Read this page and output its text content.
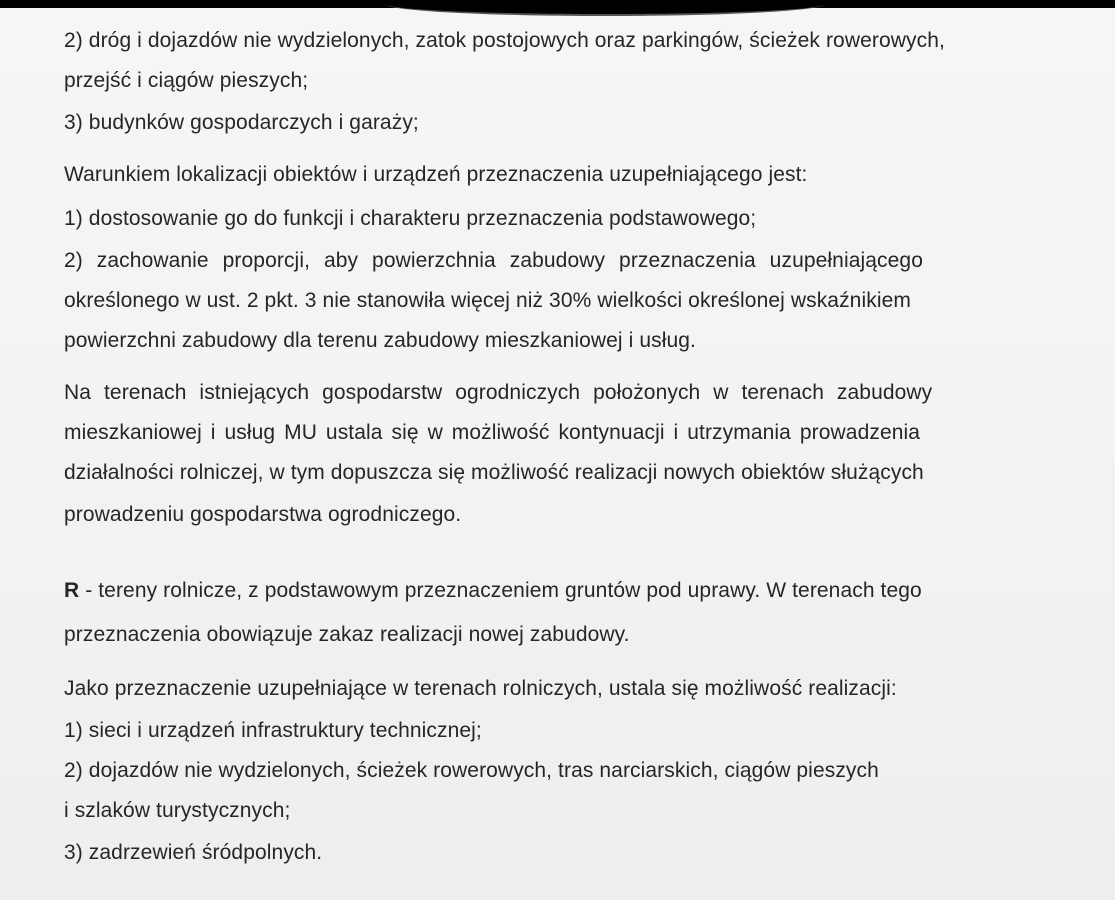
2) dróg i dojazdów nie wydzielonych, zatok postojowych oraz parkingów, ścieżek rowerowych,
przejść i ciągów pieszych;
3) budynków gospodarczych i garaży;
Warunkiem lokalizacji obiektów i urządzeń przeznaczenia uzupełniającego jest:
1) dostosowanie go do funkcji i charakteru przeznaczenia podstawowego;
2) zachowanie proporcji, aby powierzchnia zabudowy przeznaczenia uzupełniającego
określonego w ust. 2 pkt. 3 nie stanowiła więcej niż 30% wielkości określonej wskaźnikiem
powierzchni zabudowy dla terenu zabudowy mieszkaniowej i usług.
Na terenach istniejących gospodarstw ogrodniczych położonych w terenach zabudowy
mieszkaniowej i usług MU ustala się w możliwość kontynuacji i utrzymania prowadzenia
działalności rolniczej, w tym dopuszcza się możliwość realizacji nowych obiektów służących
prowadzeniu gospodarstwa ogrodniczego.
R - tereny rolnicze, z podstawowym przeznaczeniem gruntów pod uprawy. W terenach tego
przeznaczenia obowiązuje zakaz realizacji nowej zabudowy.
Jako przeznaczenie uzupełniające w terenach rolniczych, ustala się możliwość realizacji:
1) sieci i urządzeń infrastruktury technicznej;
2) dojazdów nie wydzielonych, ścieżek rowerowych, tras narciarskich, ciągów pieszych
i szlaków turystycznych;
3) zadrzewień śródpolnych.
